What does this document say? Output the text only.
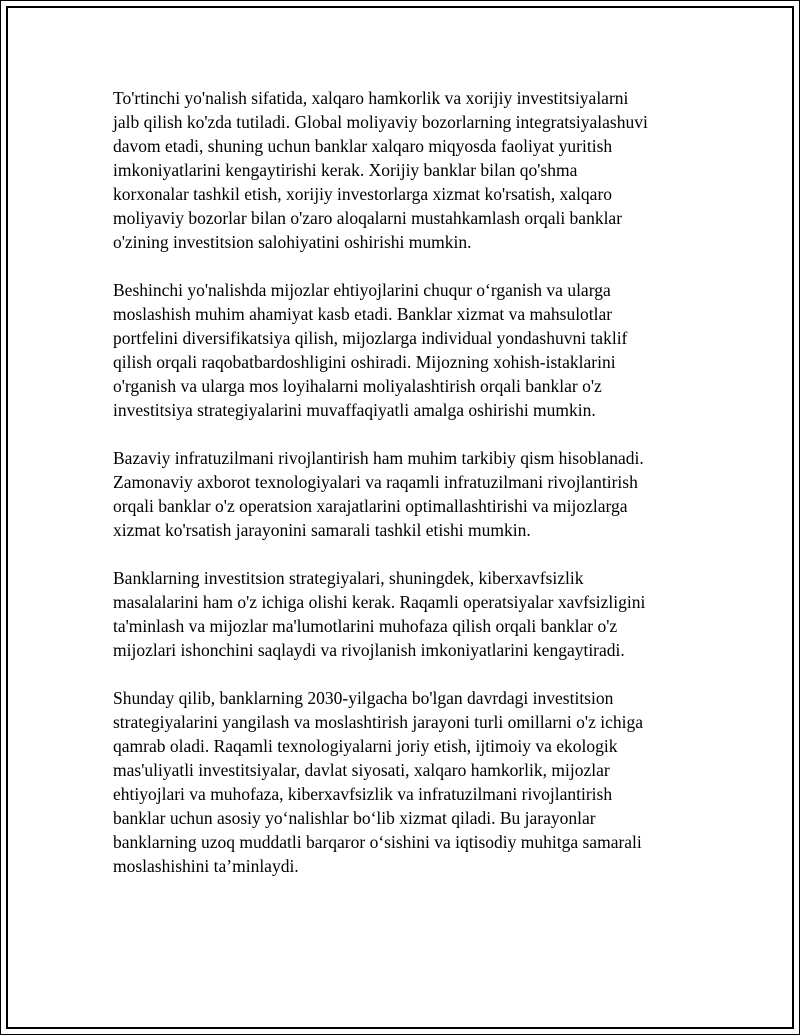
To'rtinchi yo'nalish sifatida, xalqaro hamkorlik va xorijiy investitsiyalarni
jalb qilish ko'zda tutiladi. Global moliyaviy bozorlarning integratsiyalashuvi
davom etadi, shuning uchun banklar xalqaro miqyosda faoliyat yuritish
imkoniyatlarini kengaytirishi kerak. Xorijiy banklar bilan qo'shma
korxonalar tashkil etish, xorijiy investorlarga xizmat ko'rsatish, xalqaro
moliyaviy bozorlar bilan o'zaro aloqalarni mustahkamlash orqali banklar
o'zining investitsion salohiyatini oshirishi mumkin.

Beshinchi yo'nalishda mijozlar ehtiyojlarini chuqur o‘rganish va ularga
moslashish muhim ahamiyat kasb etadi. Banklar xizmat va mahsulotlar
portfelini diversifikatsiya qilish, mijozlarga individual yondashuvni taklif
qilish orqali raqobatbardoshligini oshiradi. Mijozning xohish-istaklarini
o'rganish va ularga mos loyihalarni moliyalashtirish orqali banklar o'z
investitsiya strategiyalarini muvaffaqiyatli amalga oshirishi mumkin.

Bazaviy infratuzilmani rivojlantirish ham muhim tarkibiy qism hisoblanadi.
Zamonaviy axborot texnologiyalari va raqamli infratuzilmani rivojlantirish
orqali banklar o'z operatsion xarajatlarini optimallashtirishi va mijozlarga
xizmat ko'rsatish jarayonini samarali tashkil etishi mumkin.

Banklarning investitsion strategiyalari, shuningdek, kiberxavfsizlik
masalalarini ham o'z ichiga olishi kerak. Raqamli operatsiyalar xavfsizligini
ta'minlash va mijozlar ma'lumotlarini muhofaza qilish orqali banklar o'z
mijozlari ishonchini saqlaydi va rivojlanish imkoniyatlarini kengaytiradi.

Shunday qilib, banklarning 2030-yilgacha bo'lgan davrdagi investitsion
strategiyalarini yangilash va moslashtirish jarayoni turli omillarni o'z ichiga
qamrab oladi. Raqamli texnologiyalarni joriy etish, ijtimoiy va ekologik
mas'uliyatli investitsiyalar, davlat siyosati, xalqaro hamkorlik, mijozlar
ehtiyojlari va muhofaza, kiberxavfsizlik va infratuzilmani rivojlantirish
banklar uchun asosiy yo‘nalishlar bo‘lib xizmat qiladi. Bu jarayonlar
banklarning uzoq muddatli barqaror o‘sishini va iqtisodiy muhitga samarali
moslashishini ta’minlaydi.
